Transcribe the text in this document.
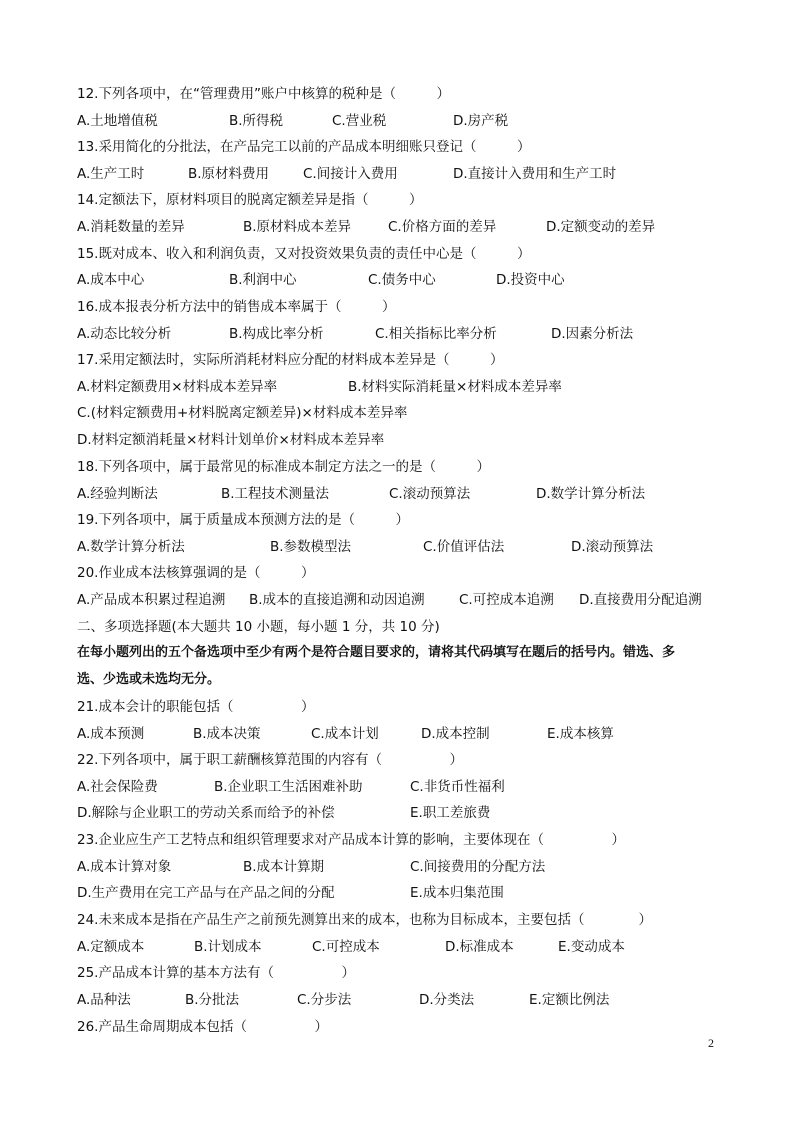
12.下列各项中，在“管理费用”账户中核算的税种是（　　　）
A.土地增值税	B.所得税	C.营业税	D.房产税
13.采用简化的分批法，在产品完工以前的产品成本明细账只登记（　　　）
A.生产工时	B.原材料费用	C.间接计入费用	D.直接计入费用和生产工时
14.定额法下，原材料项目的脱离定额差异是指（　　　）
A.消耗数量的差异	B.原材料成本差异	C.价格方面的差异	D.定额变动的差异
15.既对成本、收入和利润负责，又对投资效果负责的责任中心是（　　　）
A.成本中心	B.利润中心	C.债务中心	D.投资中心
16.成本报表分析方法中的销售成本率属于（　　　）
A.动态比较分析	B.构成比率分析	C.相关指标比率分析	D.因素分析法
17.采用定额法时，实际所消耗材料应分配的材料成本差异是（　　　）
A.材料定额费用×材料成本差异率	B.材料实际消耗量×材料成本差异率
C.(材料定额费用+材料脱离定额差异)×材料成本差异率
D.材料定额消耗量×材料计划单价×材料成本差异率
18.下列各项中，属于最常见的标准成本制定方法之一的是（　　　）
A.经验判断法	B.工程技术测量法	C.滚动预算法	D.数学计算分析法
19.下列各项中，属于质量成本预测方法的是（　　　）
A.数学计算分析法	B.参数模型法	C.价值评估法	D.滚动预算法
20.作业成本法核算强调的是（　　　）
A.产品成本积累过程追溯 B.成本的直接追溯和动因追溯	C.可控成本追溯 D.直接费用分配追溯
二、多项选择题(本大题共 10 小题，每小题 1 分，共 10 分)
在每小题列出的五个备选项中至少有两个是符合题目要求的，请将其代码填写在题后的括号内。错选、多
选、少选或未选均无分。
21.成本会计的职能包括（　　　　　）
A.成本预测	B.成本决策	C.成本计划	D.成本控制	E.成本核算
22.下列各项中，属于职工薪酬核算范围的内容有（　　　　　）
A.社会保险费	B.企业职工生活困难补助	C.非货币性福利
D.解除与企业职工的劳动关系而给予的补偿	E.职工差旅费
23.企业应生产工艺特点和组织管理要求对产品成本计算的影响，主要体现在（　　　　　）
A.成本计算对象	B.成本计算期	C.间接费用的分配方法
D.生产费用在完工产品与在产品之间的分配	E.成本归集范围
24.未来成本是指在产品生产之前预先测算出来的成本，也称为目标成本，主要包括（　　　　）
A.定额成本	B.计划成本	C.可控成本	D.标准成本	E.变动成本
25.产品成本计算的基本方法有（　　　　　）
A.品种法	B.分批法	C.分步法	D.分类法	E.定额比例法
26.产品生命周期成本包括（　　　　　）
2
